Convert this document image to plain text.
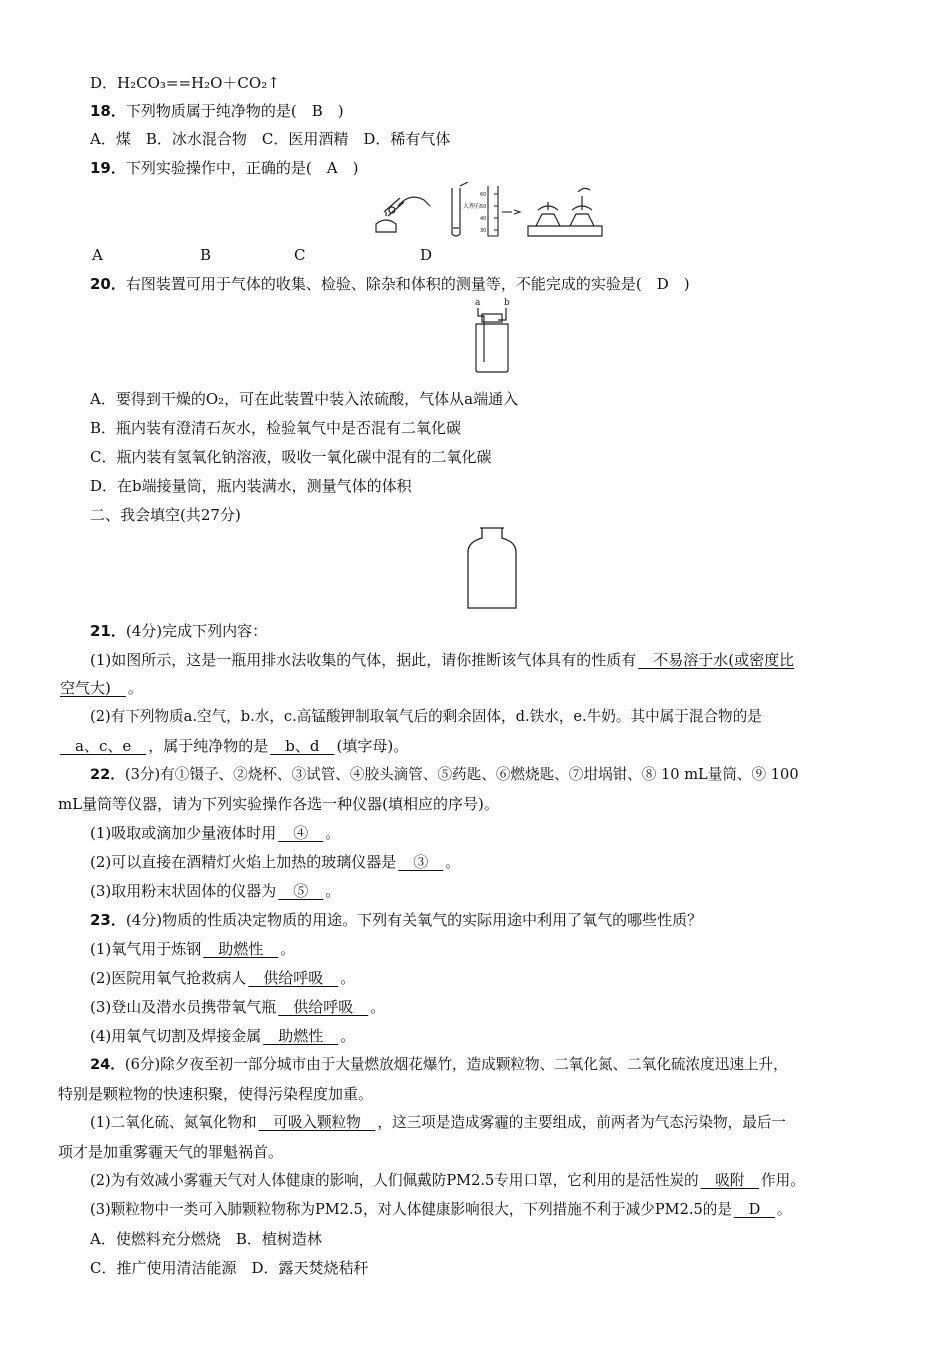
D．H₂CO₃==H₂O＋CO₂↑
18．下列物质属于纯净物的是(　B　)
A．煤　B．冰水混合物　C．医用酒精　D．稀有气体
19．下列实验操作中，正确的是(　A　)
大理石
60
50
40
30
A	B	C	D
20．右图装置可用于气体的收集、检验、除杂和体积的测量等，不能完成的实验是(　D　)
a	b
A．要得到干燥的O₂，可在此装置中装入浓硫酸，气体从a端通入
B．瓶内装有澄清石灰水，检验氧气中是否混有二氧化碳
C．瓶内装有氢氧化钠溶液，吸收一氧化碳中混有的二氧化碳
D．在b端接量筒，瓶内装满水，测量气体的体积
二、我会填空(共27分)
21．(4分)完成下列内容：
(1)如图所示，这是一瓶用排水法收集的气体，据此，请你推断该气体具有的性质有　不易溶于水(或密度比
空气大)　。
(2)有下列物质a.空气，b.水，c.高锰酸钾制取氧气后的剩余固体，d.铁水，e.牛奶。其中属于混合物的是
　a、c、e　，属于纯净物的是　b、d　(填字母)。
22．(3分)有①镊子、②烧杯、③试管、④胶头滴管、⑤药匙、⑥燃烧匙、⑦坩埚钳、⑧ 10 mL量筒、⑨ 100
mL量筒等仪器，请为下列实验操作各选一种仪器(填相应的序号)。
(1)吸取或滴加少量液体时用　④　。
(2)可以直接在酒精灯火焰上加热的玻璃仪器是　③　。
(3)取用粉末状固体的仪器为　⑤　。
23．(4分)物质的性质决定物质的用途。下列有关氧气的实际用途中利用了氧气的哪些性质？
(1)氧气用于炼钢　助燃性　。
(2)医院用氧气抢救病人　供给呼吸　。
(3)登山及潜水员携带氧气瓶　供给呼吸　。
(4)用氧气切割及焊接金属　助燃性　。
24．(6分)除夕夜至初一部分城市由于大量燃放烟花爆竹，造成颗粒物、二氧化氮、二氧化硫浓度迅速上升，
特别是颗粒物的快速积聚，使得污染程度加重。
(1)二氧化硫、氮氧化物和　可吸入颗粒物　，这三项是造成雾霾的主要组成，前两者为气态污染物，最后一
项才是加重雾霾天气的罪魁祸首。
(2)为有效减小雾霾天气对人体健康的影响，人们佩戴防PM2.5专用口罩，它利用的是活性炭的　吸附　作用。
(3)颗粒物中一类可入肺颗粒物称为PM2.5，对人体健康影响很大，下列措施不利于减少PM2.5的是　D　。
A．使燃料充分燃烧　B．植树造林
C．推广使用清洁能源　D．露天焚烧秸秆
